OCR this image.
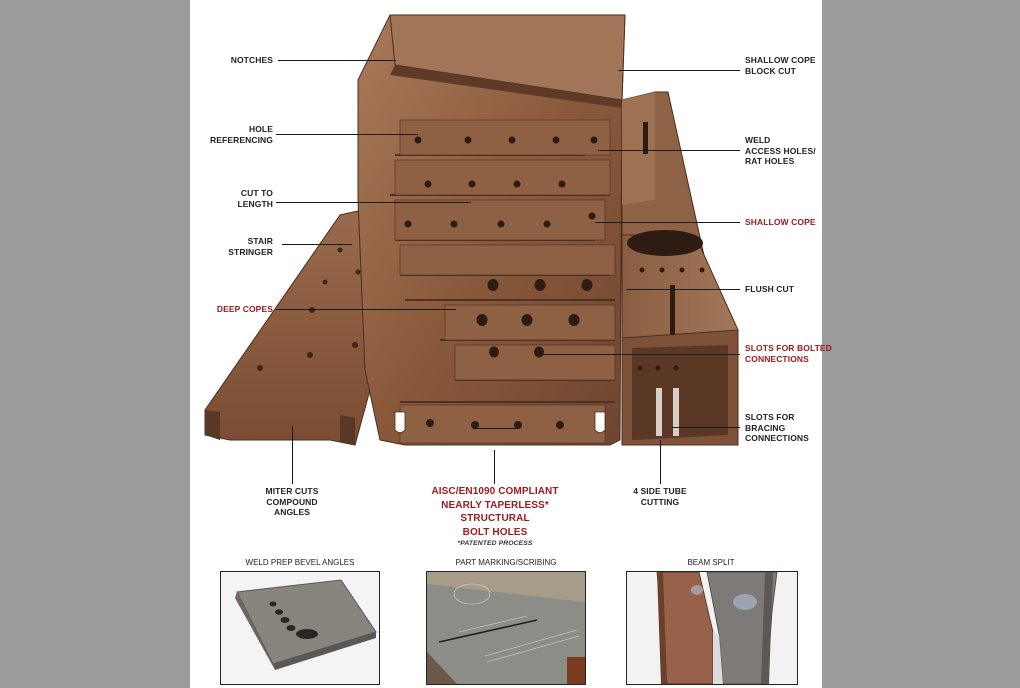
NOTCHES
HOLE
REFERENCING
CUT TO
LENGTH
STAIR
STRINGER
DEEP COPES
SHALLOW COPE
BLOCK CUT
WELD
ACCESS HOLES/
RAT HOLES
SHALLOW COPE
FLUSH CUT
SLOTS FOR BOLTED
CONNECTIONS
SLOTS FOR
BRACING
CONNECTIONS
MITER CUTS
COMPOUND
ANGLES
AISC/EN1090 COMPLIANT
NEARLY TAPERLESS*
STRUCTURAL
BOLT HOLES
*PATENTED PROCESS
4 SIDE TUBE
CUTTING
WELD PREP BEVEL ANGLES	PART MARKING/SCRIBING	BEAM SPLIT
